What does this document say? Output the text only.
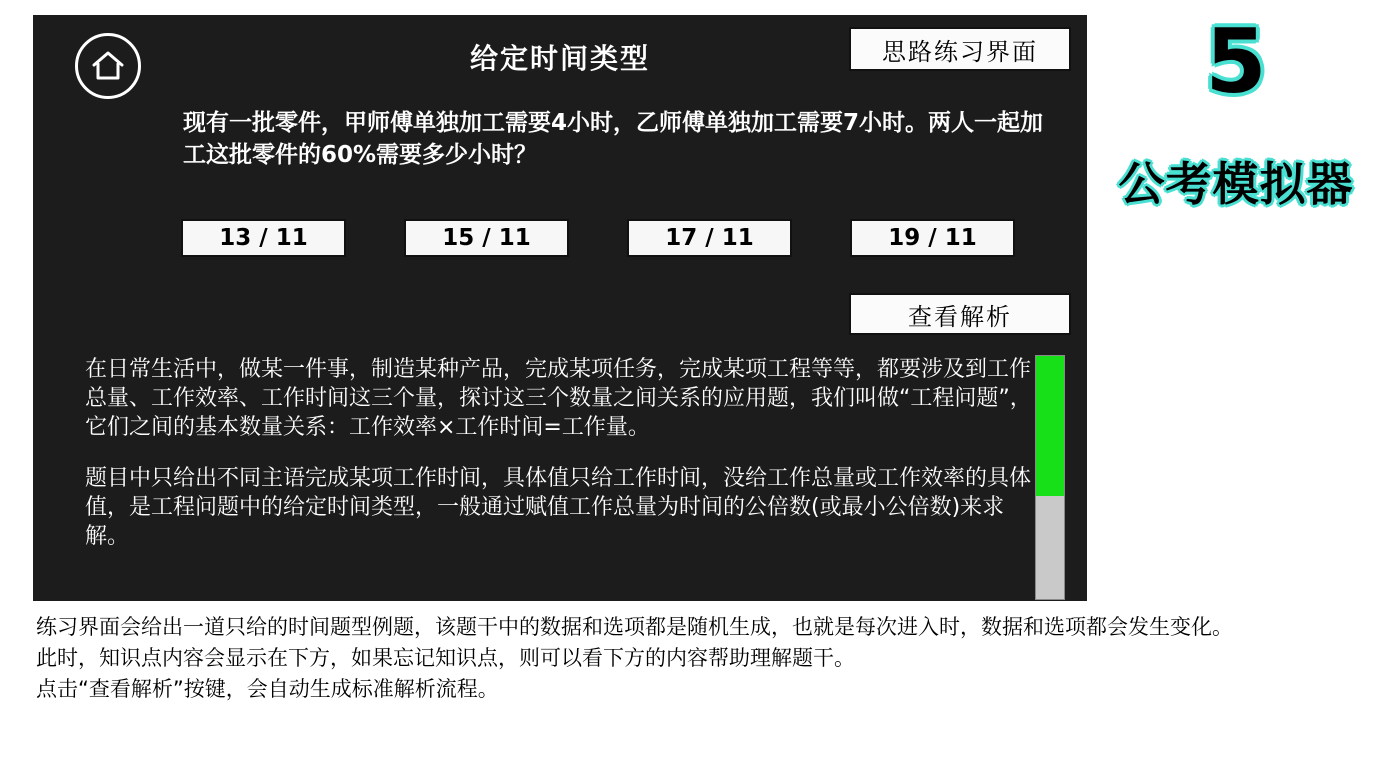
给定时间类型	思路练习界面
现有一批零件，甲师傅单独加工需要4小时，乙师傅单独加工需要7小时。两人一起加工这批零件的60%需要多少小时？
13 / 11	15 / 11	17 / 11	19 / 11
查看解析

在日常生活中，做某一件事，制造某种产品，完成某项任务，完成某项工程等等，都要涉及到工作总量、工作效率、工作时间这三个量，探讨这三个数量之间关系的应用题，我们叫做“工程问题”，它们之间的基本数量关系：工作效率×工作时间=工作量。

题目中只给出不同主语完成某项工作时间，具体值只给工作时间，没给工作总量或工作效率的具体值，是工程问题中的给定时间类型，一般通过赋值工作总量为时间的公倍数(或最小公倍数)来求解。

5
公考模拟器

练习界面会给出一道只给的时间题型例题，该题干中的数据和选项都是随机生成，也就是每次进入时，数据和选项都会发生变化。

此时，知识点内容会显示在下方，如果忘记知识点，则可以看下方的内容帮助理解题干。

点击“查看解析”按键，会自动生成标准解析流程。
